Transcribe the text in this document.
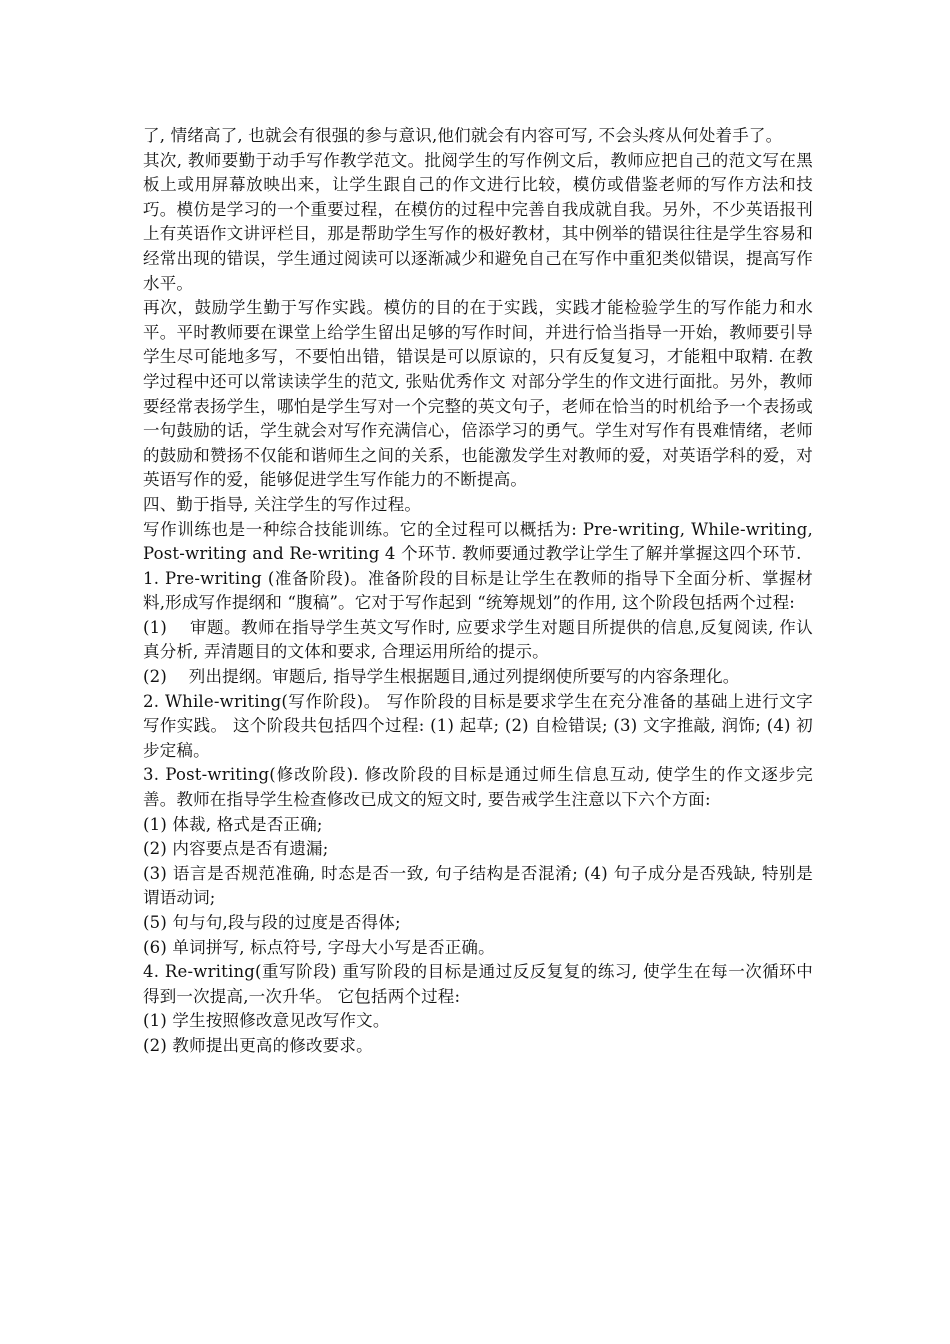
了, 情绪高了, 也就会有很强的参与意识,他们就会有内容可写, 不会头疼从何处着手了。

其次, 教师要勤于动手写作教学范文。批阅学生的写作例文后，教师应把自己的范文写在黑板上或用屏幕放映出来，让学生跟自己的作文进行比较，模仿或借鉴老师的写作方法和技巧。模仿是学习的一个重要过程，在模仿的过程中完善自我成就自我。另外，不少英语报刊上有英语作文讲评栏目，那是帮助学生写作的极好教材，其中例举的错误往往是学生容易和经常出现的错误，学生通过阅读可以逐渐减少和避免自己在写作中重犯类似错误，提高写作水平。

再次，鼓励学生勤于写作实践。模仿的目的在于实践，实践才能检验学生的写作能力和水平。平时教师要在课堂上给学生留出足够的写作时间，并进行恰当指导一开始，教师要引导学生尽可能地多写，不要怕出错，错误是可以原谅的，只有反复复习，才能粗中取精. 在教学过程中还可以常读读学生的范文, 张贴优秀作文 对部分学生的作文进行面批。另外，教师要经常表扬学生，哪怕是学生写对一个完整的英文句子，老师在恰当的时机给予一个表扬或一句鼓励的话，学生就会对写作充满信心，倍添学习的勇气。学生对写作有畏难情绪，老师的鼓励和赞扬不仅能和谐师生之间的关系，也能激发学生对教师的爱，对英语学科的爱，对英语写作的爱，能够促进学生写作能力的不断提高。

四、勤于指导, 关注学生的写作过程。

写作训练也是一种综合技能训练。它的全过程可以概括为: Pre-writing, While-writing, Post-writing and Re-writing 4 个环节. 教师要通过教学让学生了解并掌握这四个环节.

1. Pre-writing (准备阶段)。准备阶段的目标是让学生在教师的指导下全面分析、掌握材料,形成写作提纲和 “腹稿”。它对于写作起到 “统筹规划”的作用, 这个阶段包括两个过程:

(1)    审题。教师在指导学生英文写作时, 应要求学生对题目所提供的信息,反复阅读, 作认真分析, 弄清题目的文体和要求, 合理运用所给的提示。

(2)    列出提纲。审题后, 指导学生根据题目,通过列提纲使所要写的内容条理化。

2. While-writing(写作阶段)。 写作阶段的目标是要求学生在充分准备的基础上进行文字写作实践。 这个阶段共包括四个过程: (1) 起草; (2) 自检错误; (3) 文字推敲, 润饰; (4) 初步定稿。

3. Post-writing(修改阶段). 修改阶段的目标是通过师生信息互动, 使学生的作文逐步完善。教师在指导学生检查修改已成文的短文时, 要告戒学生注意以下六个方面:

(1) 体裁, 格式是否正确;

(2) 内容要点是否有遗漏;

(3) 语言是否规范准确, 时态是否一致, 句子结构是否混淆; (4) 句子成分是否残缺, 特别是谓语动词;

(5) 句与句,段与段的过度是否得体;

(6) 单词拼写, 标点符号, 字母大小写是否正确。

4. Re-writing(重写阶段) 重写阶段的目标是通过反反复复的练习, 使学生在每一次循环中得到一次提高,一次升华。 它包括两个过程:

(1) 学生按照修改意见改写作文。

(2) 教师提出更高的修改要求。
